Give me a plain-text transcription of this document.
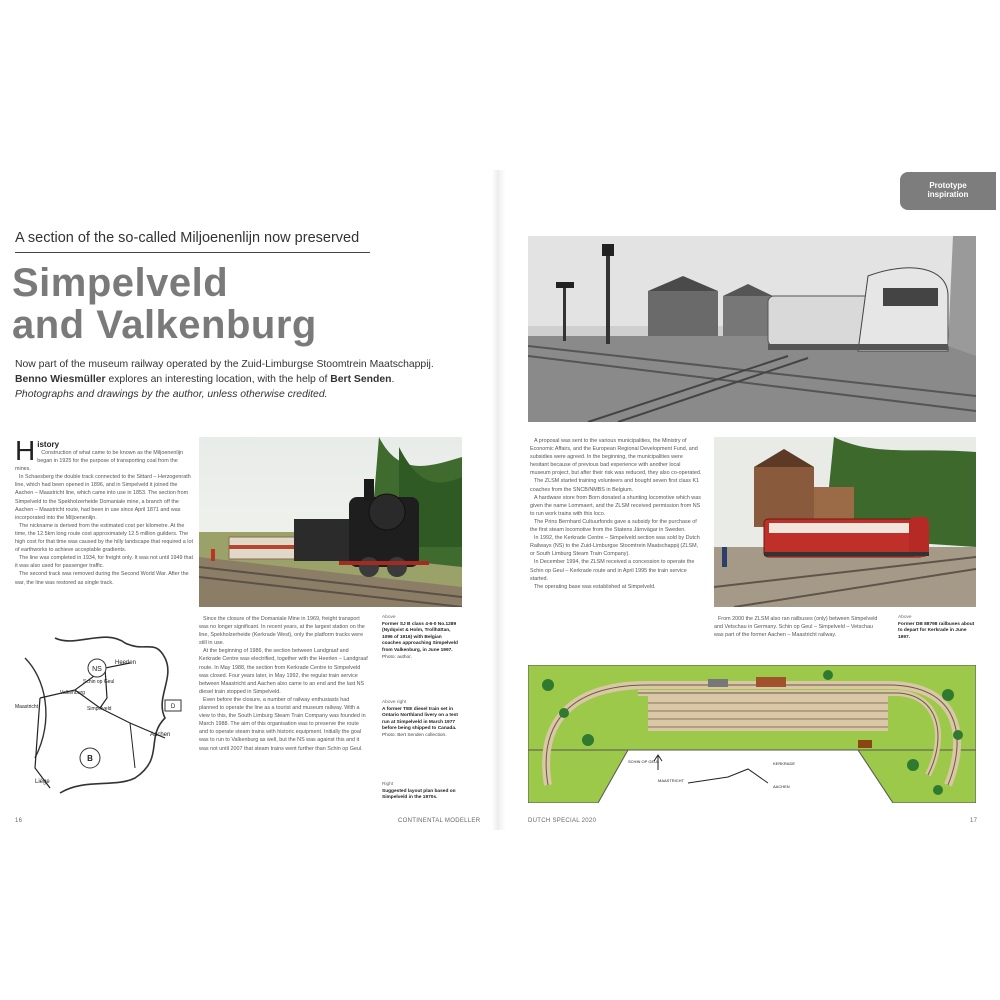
A section of the so-called Miljoenenlijn now preserved
Simpelveld
and Valkenburg
Now part of the museum railway operated by the Zuid-Limburgse Stoomtrein Maatschappij.
Benno Wiesmüller explores an interesting location, with the help of Bert Senden.
Photographs and drawings by the author, unless otherwise credited.
H istory

Construction of what came to be known as the Miljoenenlijn began in 1925 for the purpose of transporting coal from the mines.

In Schaesberg the double track connected to the Sittard – Herzogenrath line, which had been opened in 1896, and in Simpelveld it joined the Aachen – Maastricht line, which came into use in 1853. The section from Simpelveld to the Spekholzerheide Domaniale mine, a branch off the Aachen – Maastricht route, had been in use since April 1871 and was incorporated into the Miljoenenlijn.

The nickname is derived from the estimated cost per kilometre. At the time, the 12.5km long route cost approximately 12.5 million guilders. The high cost for that time was caused by the hilly landscape that required a lot of earthworks to achieve acceptable gradients.

The line was completed in 1934, for freight only. It was not until 1949 that it was also used for passenger traffic.

The second track was removed during the Second World War. After the war, the line was restored as single track.

Since the closure of the Domaniale Mine in 1969, freight transport was no longer significant. In recent years, at the largest station on the line, Spekholzerheide (Kerkrade West), only the platform tracks were still in use.

At the beginning of 1986, the section between Landgraaf and Kerkrade Centre was electrified, together with the Heerlen – Landgraaf route. In May 1988, the section from Kerkrade Centre to Simpelveld was closed. Four years later, in May 1992, the regular train service between Maastricht and Aachen also came to an end and the last NS diesel train stopped in Simpelveld.

Even before the closure, a number of railway enthusiasts had planned to operate the line as a tourist and museum railway. With a view to this, the South Limburg Steam Train Company was founded in March 1988. The aim of this organisation was to preserve the route and to operate steam trains with historic equipment. Initially the goal was to run to Valkenburg as well, but the NS was against this and it was not until 2007 that steam trains went further than Schin op Geul.

Above
Former SJ B class 4-6-0 No.1289 (Nydqvist & Holm, Trollhättan, 1096 of 1916) with Belgian coaches approaching Simpelveld from Valkenburg, in June 1997.
Photo: author.
Above right
A former TEE diesel train set in Ontario Northland livery on a test run at Simpelveld in March 1977 before being shipped to Canada.
Photo: Bert Senden collection.
Right
Suggested layout plan based on Simpelveld in the 1970s.
NS
B
D
Heerlen
Schin op Geul
Valkenburg
Simpelveld
Maastricht
Aachen
Liège
16	CONTINENTAL MODELLER
Prototype
inspiration

A proposal was sent to the various municipalities, the Ministry of Economic Affairs, and the European Regional Development Fund, and subsidies were agreed. In the beginning, the municipalities were hesitant because of previous bad experience with another local museum project, but after their risk was reduced, they also co-operated.

The ZLSM started training volunteers and bought seven first class K1 coaches from the SNCB/NMBS in Belgium.

A hardware store from Born donated a shunting locomotive which was given the name Lommaert, and the ZLSM received permission from NS to run work trains with this loco.

The Prins Bernhard Cultuurfonds gave a subsidy for the purchase of the first steam locomotive from the Statens Järnvägar in Sweden.

In 1992, the Kerkrade Centre – Simpelveld section was sold by Dutch Railways (NS) to the Zuid-Limburgse Stoomtrein Maatschappij (ZLSM, or South Limburg Steam Train Company).

In December 1994, the ZLSM received a concession to operate the Schin op Geul – Kerkrade route and in April 1995 the train service started.

The operating base was established at Simpelveld.

From 2000 the ZLSM also ran railbuses (only) between Simpelveld and Vetschau in Germany. Schin op Geul – Simpelveld – Vetschau was part of the former Aachen – Maastricht railway.

Above
Former DB 88798 railbuses about to depart for Kerkrade in June 1997.
MAASTRICHT
KERKRADE
AACHEN
SCHIN OP GEUL
DUTCH SPECIAL 2020	17
